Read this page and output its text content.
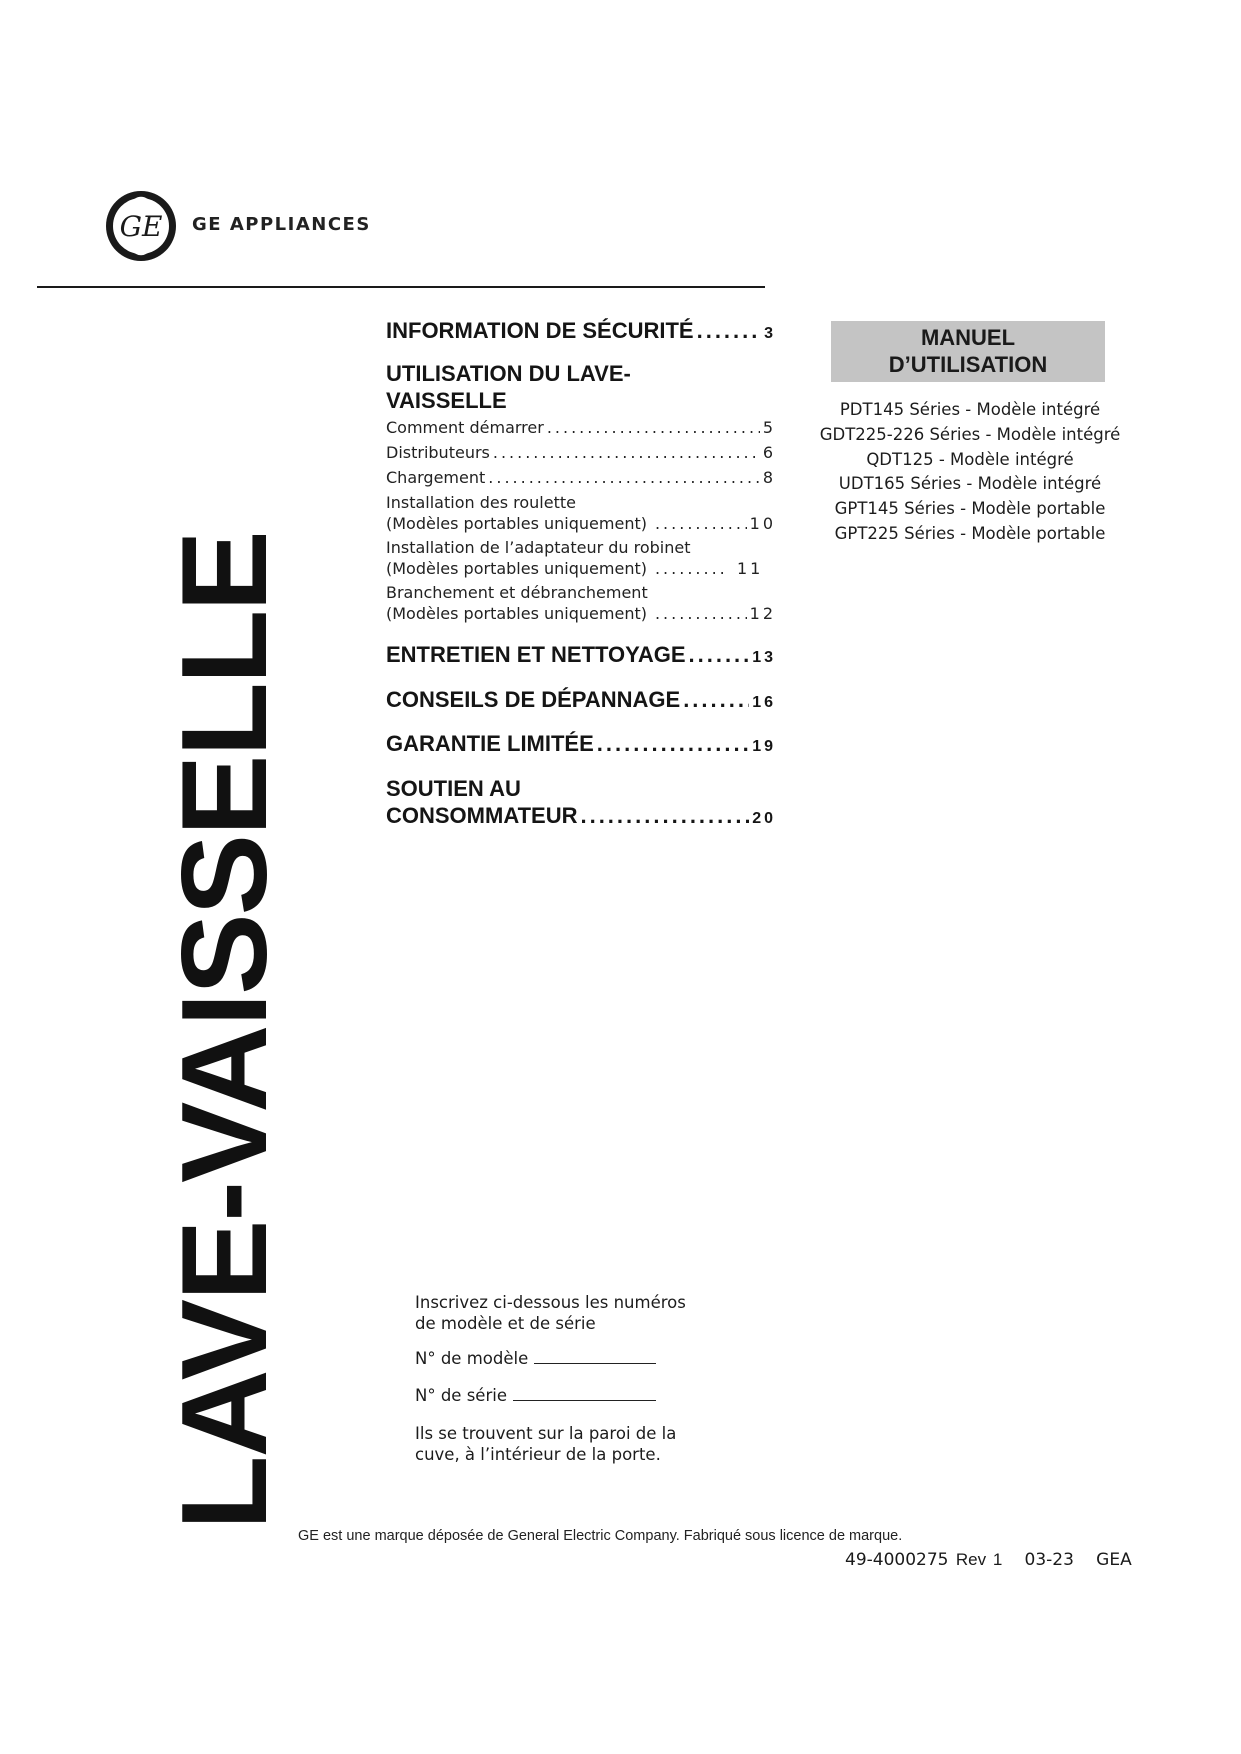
GE GE APPLIANCES
LAVE-VAISSELLE
INFORMATION DE SÉCURITÉ .....	3
UTILISATION DU LAVE-
VAISSELLE
Comment démarrer .....	5
Distributeurs .....	6
Chargement .....	8
Installation des roulette
(Modèles portables uniquement) .....	10
Installation de l’adaptateur du robinet
(Modèles portables uniquement) .....	11
Branchement et débranchement
(Modèles portables uniquement) .....	12
ENTRETIEN ET NETTOYAGE .....	13
CONSEILS DE DÉPANNAGE .....	16
GARANTIE LIMITÉE .....	19
SOUTIEN AU
CONSOMMATEUR .....	20
MANUEL
D’UTILISATION
PDT145 Séries - Modèle intégré
GDT225-226 Séries - Modèle intégré
QDT125 - Modèle intégré
UDT165 Séries - Modèle intégré
GPT145 Séries - Modèle portable
GPT225 Séries - Modèle portable
Inscrivez ci-dessous les numéros
de modèle et de série
N° de modèle
N° de série
Ils se trouvent sur la paroi de la
cuve, à l’intérieur de la porte.
GE est une marque déposée de General Electric Company. Fabriqué sous licence de marque.
49-4000275 Rev 1 03-23 GEA
